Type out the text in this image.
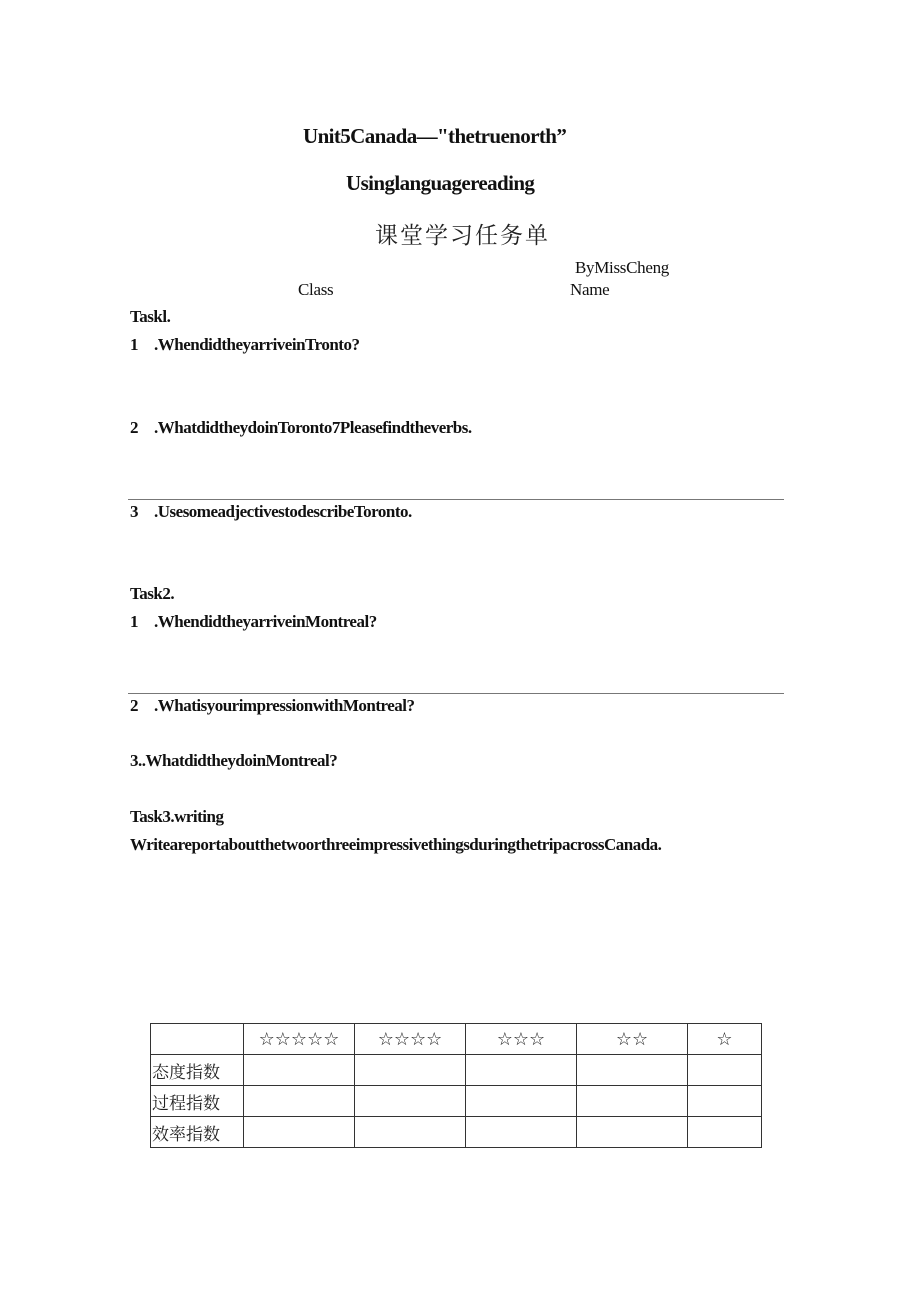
Unit5Canada—"thetruenorth”
Usinglanguagereading
课堂学习任务单
ByMissCheng
Class	Name
Taskl.
1 .WhendidtheyarriveinTronto?
2 .WhatdidtheydoinToronto7Pleasefindtheverbs.
3 .UsesomeadjectivestodescribeToronto.
Task2.
1 .WhendidtheyarriveinMontreal?
2 .WhatisyourimpressionwithMontreal?
3..WhatdidtheydoinMontreal?
Task3.writing
WriteareportaboutthetwoorthreeimpressivethingsduringthetripacrossCanada.
	☆☆☆☆☆	☆☆☆☆	☆☆☆	☆☆	☆
态度指数					
过程指数					
效率指数					
